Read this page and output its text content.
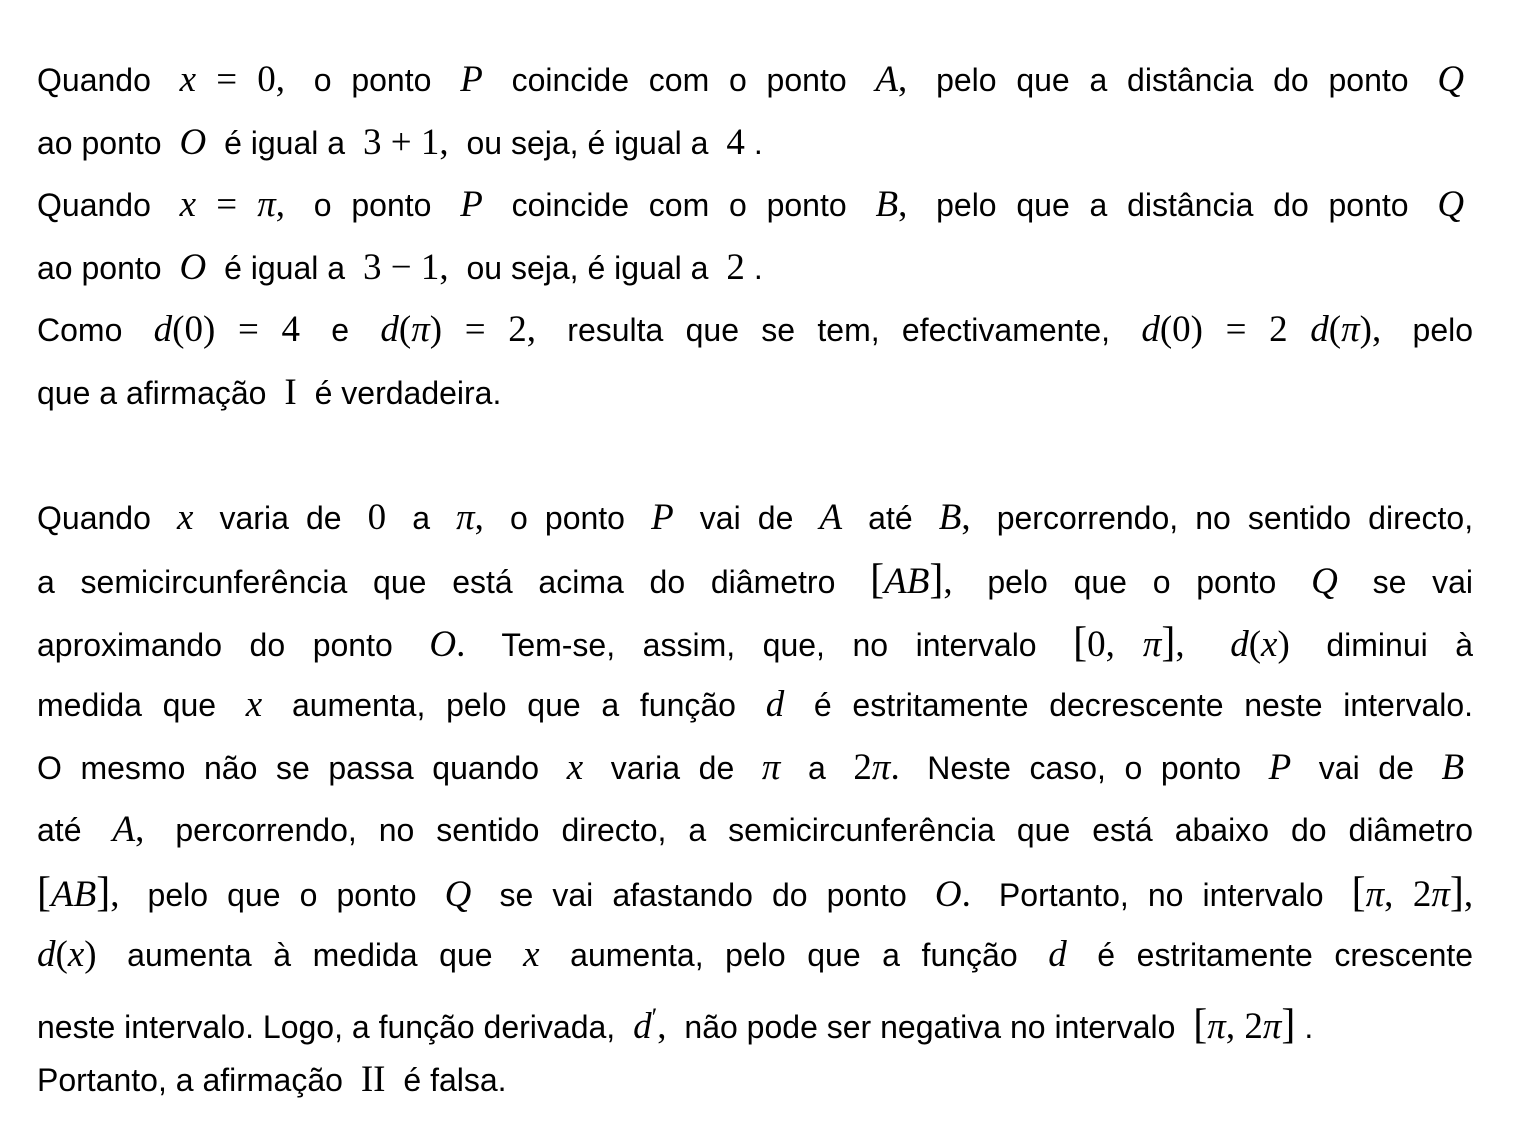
Quando x = 0, o ponto P coincide com o ponto A, pelo que a distância do ponto Q
ao ponto O é igual a 3 + 1, ou seja, é igual a 4 .
Quando x = π, o ponto P coincide com o ponto B, pelo que a distância do ponto Q
ao ponto O é igual a 3 − 1, ou seja, é igual a 2 .
Como d(0) = 4 e d(π) = 2, resulta que se tem, efectivamente, d(0) = 2 d(π), pelo
que a afirmação I é verdadeira.
Quando x varia de 0 a π, o ponto P vai de A até B, percorrendo, no sentido directo,
a semicircunferência que está acima do diâmetro [AB], pelo que o ponto Q se vai
aproximando do ponto O. Tem-se, assim, que, no intervalo [0, π], d(x) diminui à
medida que x aumenta, pelo que a função d é estritamente decrescente neste intervalo.
O mesmo não se passa quando x varia de π a 2π. Neste caso, o ponto P vai de B
até A, percorrendo, no sentido directo, a semicircunferência que está abaixo do diâmetro
[AB], pelo que o ponto Q se vai afastando do ponto O. Portanto, no intervalo [π, 2π],
d(x) aumenta à medida que x aumenta, pelo que a função d é estritamente crescente
neste intervalo. Logo, a função derivada, d′, não pode ser negativa no intervalo [π, 2π] .
Portanto, a afirmação II é falsa.
